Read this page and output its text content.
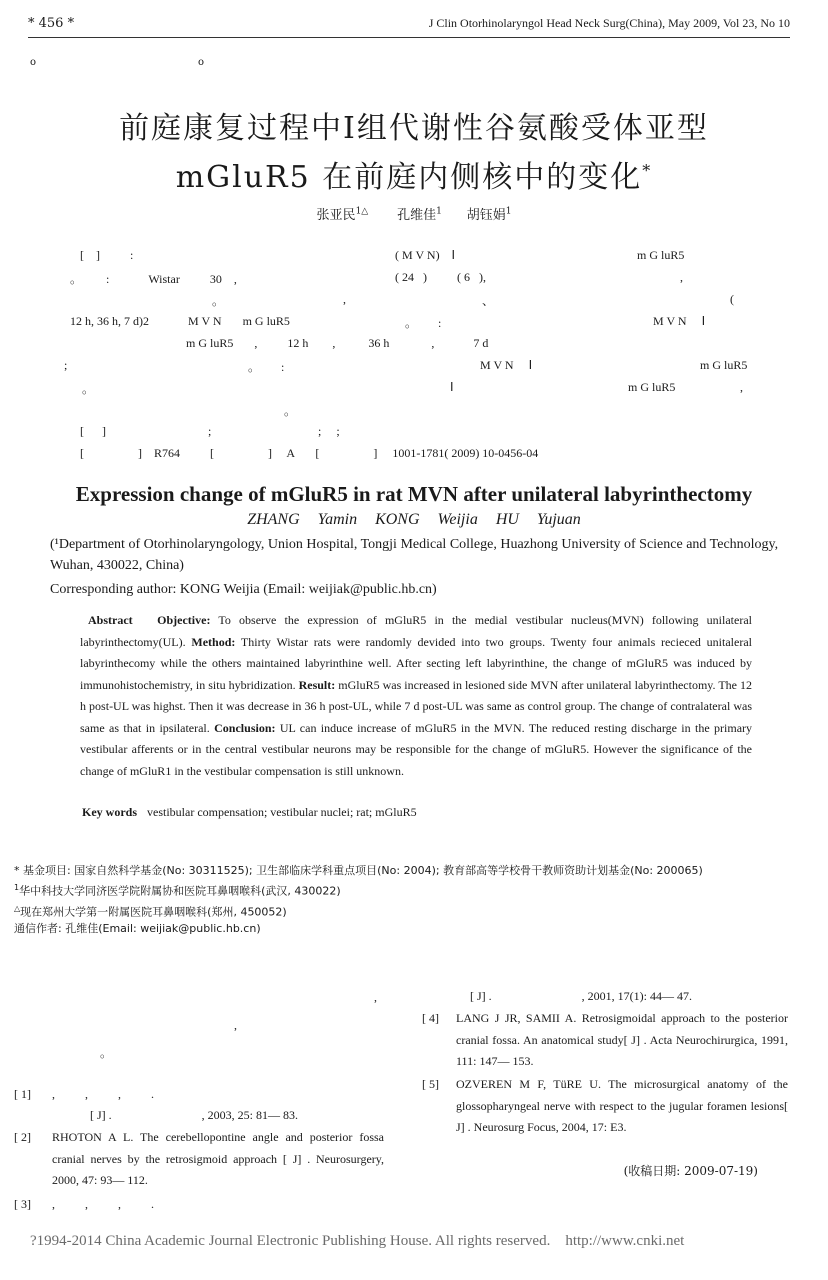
* 456 *	J Clin Otorhinolaryngol Head Neck Surg(China), May 2009, Vol 23, No 10
o	o
前庭康复过程中Ⅰ组代谢性谷氨酸受体亚型
mGluR5 在前庭内侧核中的变化*
张亚民$^{1\triangle}$ 孔维佳$^1$ 胡钰娟$^1$
[    ]          :	( M V N)    Ⅰ	m G luR5
。        :             Wistar          30    ,	( 24   )          ( 6   ),	,
。	,	、	(
12 h, 36 h, 7 d)2             M V N       m G luR5	。       :	M V N     Ⅰ
m G luR5       ,          12 h        ,           36 h              ,             7 d
;	。       :	M V N     Ⅰ	m G luR5
。	Ⅰ	m G luR5	,
。
[      ]	;	;     ;
[                  ]    R764          [                  ]     A       [                  ]     1001-1781( 2009) 10-0456-04
Expression change of mGluR5 in rat MVN after unilateral labyrinthectomy
ZHANG Yamin KONG Weijia HU Yujuan
(¹Department of Otorhinolaryngology, Union Hospital, Tongji Medical College, Huazhong University of Science and Technology, Wuhan, 430022, China)
Corresponding author: KONG Weijia (Email: weijiak@public.hb.cn)
Abstract Objective: To observe the expression of mGluR5 in the medial vestibular nucleus(MVN) following unilateral labyrinthectomy(UL). Method: Thirty Wistar rats were randomly devided into two groups. Twenty four animals recieced unitaleral labyrinthecomy while the others maintained labyrinthine well. After secting left labyrinthine, the change of mGluR5 was induced by immunohistochemistry, in situ hybridization. Result: mGluR5 was increased in lesioned side MVN after unilateral labyrinthectomy. The 12 h post-UL was highst. Then it was decrease in 36 h post-UL, while 7 d post-UL was same as control group. The change of contralateral was same as that in ipsilateral. Conclusion: UL can induce increase of mGluR5 in the MVN. The reduced resting discharge in the primary vestibular afferents or in the central vestibular neurons may be responsible for the change of mGluR5. However the significance of the change of mGluR1 in the vestibular compensation is still unknown.
Key words vestibular compensation; vestibular nuclei; rat; mGluR5
* 基金项目: 国家自然科学基金(No: 30311525); 卫生部临床学科重点项目(No: 2004); 教育部高等学校骨干教师资助计划基金(No: 200065)
$^1$华中科技大学同济医学院附属协和医院耳鼻咽喉科(武汉, 430022)
△现在郑州大学第一附属医院耳鼻咽喉科(郑州, 450052)
通信作者: 孔维佳(Email: weijiak@public.hb.cn)
,
,
。
[ 1] ,          ,          ,          .
[ J] .                              , 2003, 25: 81— 83.
[ 2] RHOTON A L. The cerebellopontine angle and posterior fossa cranial nerves by the retrosigmoid approach [ J] . Neurosurgery, 2000, 47: 93— 112.
[ 3] ,          ,          ,          .
[ J] .                              , 2001, 17(1): 44— 47.
[ 4] LANG J JR, SAMII A. Retrosigmoidal approach to the posterior cranial fossa. An anatomical study[ J] . Acta Neurochirurgica, 1991, 111: 147— 153.
[ 5] OZVEREN M F, TüRE U. The microsurgical anatomy of the glossopharyngeal nerve with respect to the jugular foramen lesions[ J] . Neurosurg Focus, 2004, 17: E3.
(收稿日期: 2009-07-19)
?1994-2014 China Academic Journal Electronic Publishing House. All rights reserved.    http://www.cnki.net
